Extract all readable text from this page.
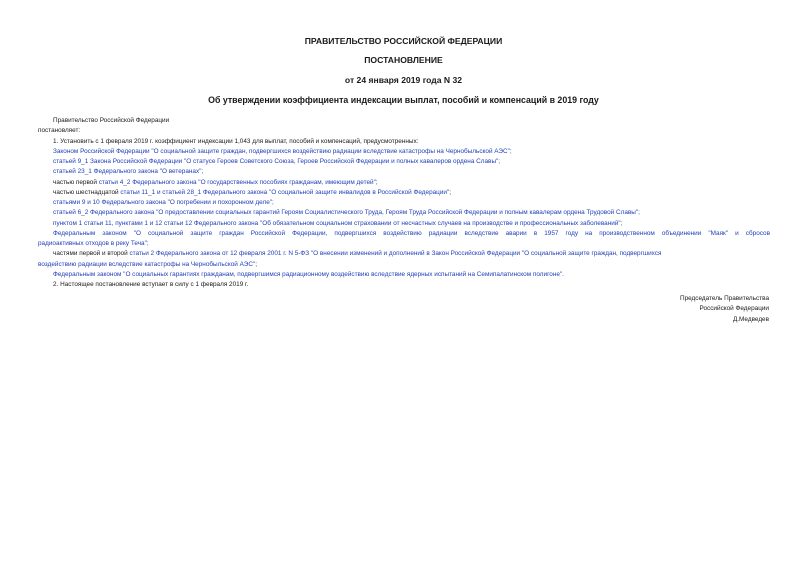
ПРАВИТЕЛЬСТВО РОССИЙСКОЙ ФЕДЕРАЦИИ
ПОСТАНОВЛЕНИЕ
от 24 января 2019 года N 32
Об утверждении коэффициента индексации выплат, пособий и компенсаций в 2019 году
Правительство Российской Федерации
постановляет:
1. Установить с 1 февраля 2019 г. коэффициент индексации 1,043 для выплат, пособий и компенсаций, предусмотренных:
Законом Российской Федерации "О социальной защите граждан, подвергшихся воздействию радиации вследствие катастрофы на Чернобыльской АЭС";
статьей 9_1 Закона Российской Федерации "О статусе Героев Советского Союза, Героев Российской Федерации и полных кавалеров ордена Славы";
статьей 23_1 Федерального закона "О ветеранах";
частью первой статьи 4_2 Федерального закона "О государственных пособиях гражданам, имеющим детей";
частью шестнадцатой статьи 11_1 и статьей 28_1 Федерального закона "О социальной защите инвалидов в Российской Федерации";
статьями 9 и 10 Федерального закона "О погребении и похоронном деле";
статьей 6_2 Федерального закона "О предоставлении социальных гарантий Героям Социалистического Труда, Героям Труда Российской Федерации и полным кавалерам ордена Трудовой Славы";
пунктом 1 статьи 11, пунктами 1 и 12 статьи 12 Федерального закона "Об обязательном социальном страховании от несчастных случаев на производстве и профессиональных заболеваний";
Федеральным законом "О социальной защите граждан Российской Федерации, подвергшихся воздействию радиации вследствие аварии в 1957 году на производственном объединении "Маяк" и сбросов
радиоактивных отходов в реку Теча";
частями первой и второй статьи 2 Федерального закона от 12 февраля 2001 г. N 5-ФЗ "О внесении изменений и дополнений в Закон Российской Федерации "О социальной защите граждан, подвергшихся
воздействию радиации вследствие катастрофы на Чернобыльской АЭС";
Федеральным законом "О социальных гарантиях гражданам, подвергшимся радиационному воздействию вследствие ядерных испытаний на Семипалатинском полигоне".
2. Настоящее постановление вступает в силу с 1 февраля 2019 г.
Председатель Правительства
Российской Федерации
Д.Медведев
